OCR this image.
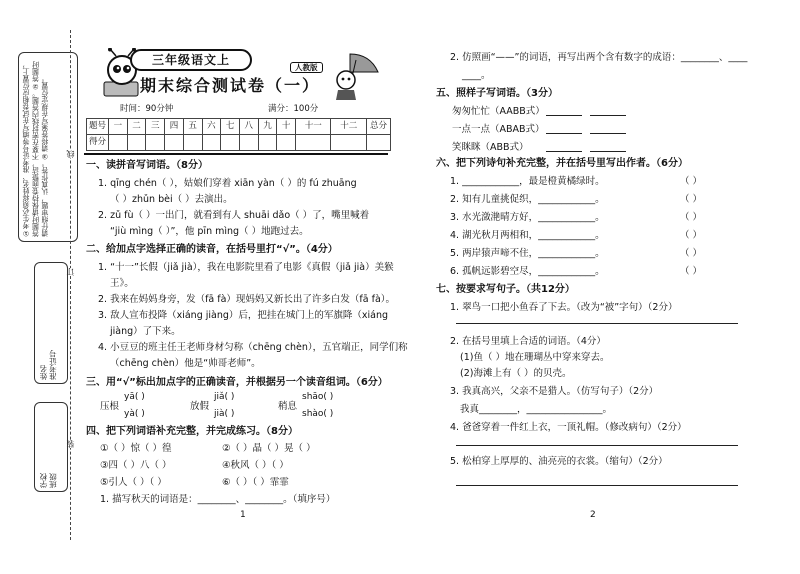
①考生必须将姓名、准考证号等填写在试卷相应位置上，答题时请保持卷面整洁，不要在密封线内答题。②答题时请仔细审题，认真作答。③请将答案写在规定位置。	线
订
装
姓名 准考证号
学校 班级
三年级语文上
人教版
期末综合测试卷（一）
时间：90分钟	满分：100分
题号	一	二	三	四	五	六	七	八	九	十	十一	十二	总分
得分													
一、读拼音写词语。（8分）
1. qīng chén（ ），姑娘们穿着 xiān yàn（ ）的 fú zhuāng
（ ）zhǔn bèi（ ）去演出。
2. zǔ fù（ ）一出门，就看到有人 shuāi dǎo（ ）了，嘴里喊着
“jiù mìng（ ）”，他 pīn mìng（ ）地跑过去。
二、给加点字选择正确的读音，在括号里打“√”。（4分）
1. “十一”长假（jiǎ jià），我在电影院里看了电影《真假（jiǎ jià）美猴
王》。
2. 我来在妈妈身旁，发（fā fà）现妈妈又新长出了许多白发（fā fà）。
3. 敌人宣布投降（xiáng jiàng）后，把挂在城门上的军旗降（xiáng
jiàng）了下来。
4. 小豆豆的班主任王老师身材匀称（chēng chèn），五官端正，同学们称
（chēng chèn）他是“帅哥老师”。
三、用“√”标出加点字的正确读音，并根据另一个读音组词。（6分）
压根
yā( )
yà( )
放假
jiǎ( )
jià( )
稍息
shāo( )
shào( )
四、把下列词语补充完整，并完成练习。（8分）
①（ ）惊（ ）徨	②（ ）晶（ ）晃（ ）
③四（ ）八（ ）	④秋风（ ）（ ）
⑤引人（ ）（ ）	⑥（ ）（ ）霏霏
1. 描写秋天的词语是：________、________。（填序号）
1
2. 仿照画“——”的词语，再写出两个含有数字的成语：________、____
____。
五、照样子写词语。（3分）
匆匆忙忙（AABB式）
一点一点（ABAB式）
笑眯眯（ABB式）
六、把下列诗句补充完整，并在括号里写出作者。（6分）
1. ____________，最是橙黄橘绿时。	（ ）
2. 知有儿童挑促织，____________。	（ ）
3. 水光潋滟晴方好，____________。	（ ）
4. 湖光秋月两相和，____________。	（ ）
5. 两岸猿声啼不住，____________。	（ ）
6. 孤帆远影碧空尽，____________。	（ ）
七、按要求写句子。（共12分）
1. 翠鸟一口把小鱼吞了下去。（改为“被”字句）（2分）
2. 在括号里填上合适的词语。（4分）
(1)鱼（ ）地在珊瑚丛中穿来穿去。
(2)海滩上有（ ）的贝壳。
3. 我真高兴，父亲不是猎人。（仿写句子）（2分）
我真________，________________。
4. 爸爸穿着一件红上衣，一顶礼帽。（修改病句）（2分）
5. 松柏穿上厚厚的、油亮亮的衣裳。（缩句）（2分）
2
